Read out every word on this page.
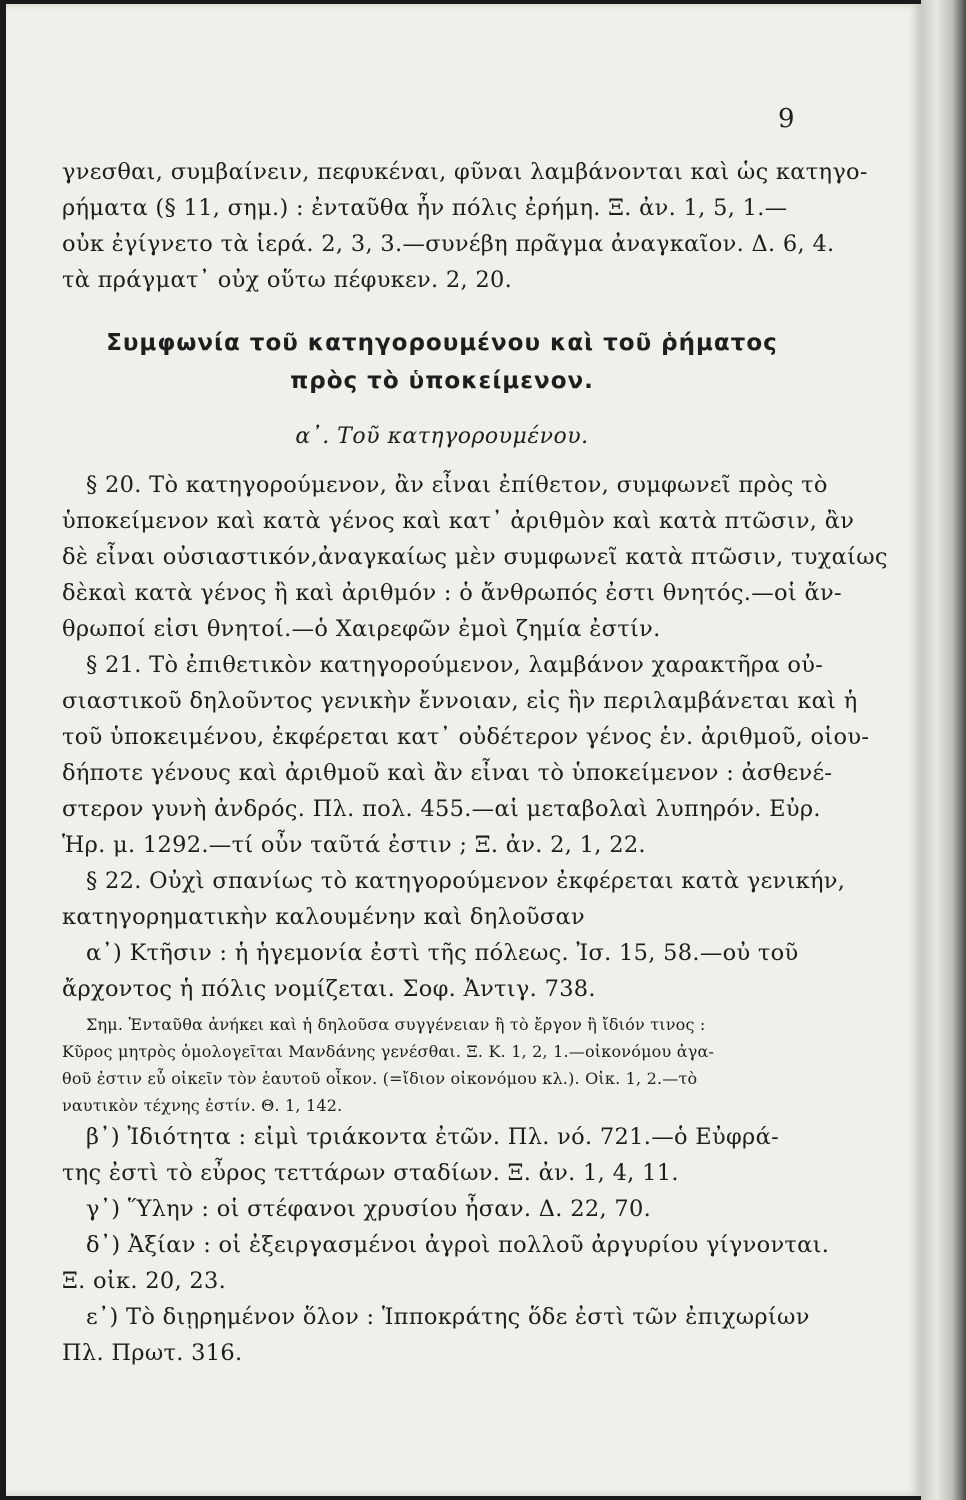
9

γνεσθαι, συμβαίνειν, πεφυκέναι, φῦναι λαμβάνονται καὶ ὡς κατηγο-

ρήματα (§ 11, σημ.) : ἐνταῦθα ἦν πόλις ἐρήμη. Ξ. ἀν. 1, 5, 1.—

οὐκ ἐγίγνετο τὰ ἱερά. 2, 3, 3.—συνέβη πρᾶγμα ἀναγκαῖον. Δ. 6, 4.

τὰ πράγματ᾽ οὐχ οὕτω πέφυκεν. 2, 20.

Συμφωνία τοῦ κατηγορουμένου καὶ τοῦ ῥήματος
πρὸς τὸ ὑποκείμενον.
α᾽. Τοῦ κατηγορουμένου.

§ 20. Τὸ κατηγορούμενον, ἂν εἶναι ἐπίθετον, συμφωνεῖ πρὸς τὸ

ὑποκείμενον καὶ κατὰ γένος καὶ κατ᾽ ἀριθμὸν καὶ κατὰ πτῶσιν, ἂν

δὲ εἶναι οὐσιαστικόν,ἀναγκαίως μὲν συμφωνεῖ κατὰ πτῶσιν, τυχαίως

δὲκαὶ κατὰ γένος ἢ καὶ ἀριθμόν : ὁ ἄνθρωπός ἐστι θνητός.—οἱ ἄν-

θρωποί εἰσι θνητοί.—ὁ Χαιρεφῶν ἐμοὶ ζημία ἐστίν.

§ 21. Τὸ ἐπιθετικὸν κατηγορούμενον, λαμβάνον χαρακτῆρα οὐ-

σιαστικοῦ δηλοῦντος γενικὴν ἔννοιαν, εἰς ἣν περιλαμβάνεται καὶ ἡ

τοῦ ὑποκειμένου, ἐκφέρεται κατ᾽ οὐδέτερον γένος ἑν. ἀριθμοῦ, οἱου-

δήποτε γένους καὶ ἀριθμοῦ καὶ ἂν εἶναι τὸ ὑποκείμενον : ἀσθενέ-

στερον γυνὴ ἀνδρός. Πλ. πολ. 455.—αἱ μεταβολαὶ λυπηρόν. Εὐρ.

Ἡρ. μ. 1292.—τί οὖν ταῦτά ἐστιν ; Ξ. ἀν. 2, 1, 22.

§ 22. Οὐχὶ σπανίως τὸ κατηγορούμενον ἐκφέρεται κατὰ γενικήν,

κατηγορηματικὴν καλουμένην καὶ δηλοῦσαν

α᾽) Κτῆσιν : ἡ ἡγεμονία ἐστὶ τῆς πόλεως. Ἰσ. 15, 58.—οὐ τοῦ

ἄρχοντος ἡ πόλις νομίζεται. Σοφ. Ἀντιγ. 738.

Σημ. Ἐνταῦθα ἀνήκει καὶ ἡ δηλοῦσα συγγένειαν ἢ τὸ ἔργον ἢ ἴδιόν τινος :

Κῦρος μητρὸς ὁμολογεῖται Μανδάνης γενέσθαι. Ξ. Κ. 1, 2, 1.—οἰκονόμου ἀγα-

θοῦ ἐστιν εὖ οἰκεῖν τὸν ἑαυτοῦ οἶκον. (=ἴδιον οἰκονόμου κλ.). Οἰκ. 1, 2.—τὸ

ναυτικὸν τέχνης ἐστίν. Θ. 1, 142.

β᾽) Ἰδιότητα : εἰμὶ τριάκοντα ἐτῶν. Πλ. νό. 721.—ὁ Εὐφρά-

της ἐστὶ τὸ εὖρος τεττάρων σταδίων. Ξ. ἀν. 1, 4, 11.

γ᾽) Ὕλην : οἱ στέφανοι χρυσίου ἦσαν. Δ. 22, 70.

δ᾽) Ἀξίαν : οἱ ἐξειργασμένοι ἀγροὶ πολλοῦ ἀργυρίου γίγνονται.

Ξ. οἰκ. 20, 23.

ε᾽) Τὸ διῃρημένον ὅλον : Ἱπποκράτης ὅδε ἐστὶ τῶν ἐπιχωρίων

Πλ. Πρωτ. 316.
